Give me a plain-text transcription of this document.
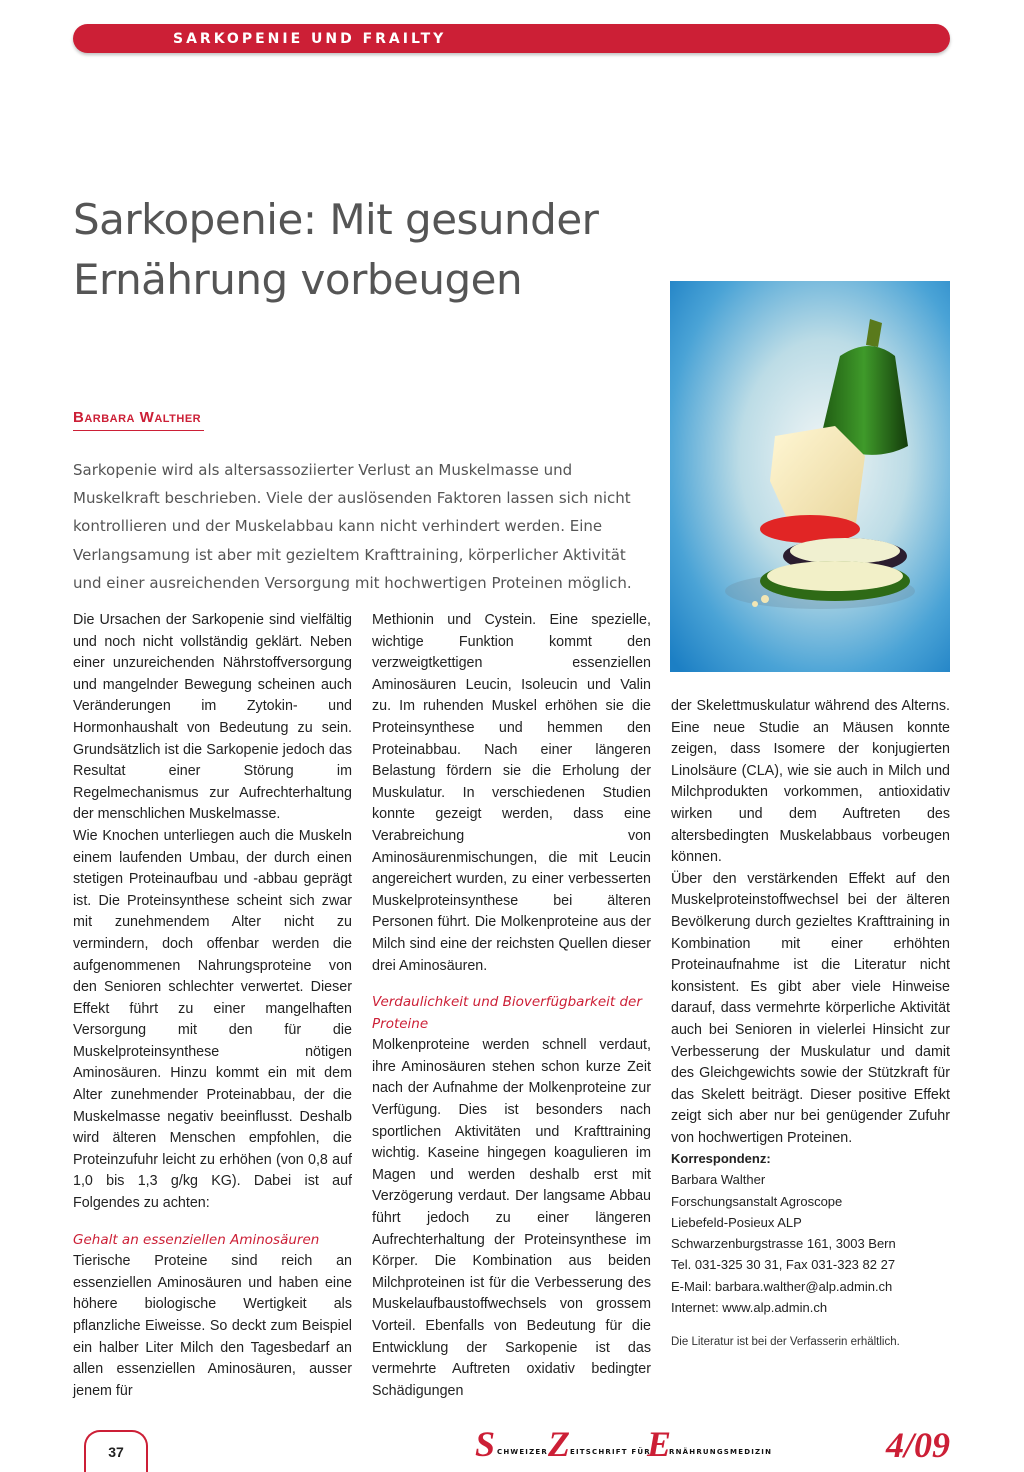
SARKOPENIE UND FRAILTY
Sarkopenie: Mit gesunder
Ernährung vorbeugen
Barbara Walther
Sarkopenie wird als altersassoziierter Verlust an Muskelmasse und Muskelkraft beschrieben. Viele der auslösenden Faktoren lassen sich nicht kontrollieren und der Muskelabbau kann nicht verhindert werden. Eine Verlangsamung ist aber mit gezieltem Krafttraining, körperlicher Aktivität und einer ausreichenden Versorgung mit hochwertigen Proteinen möglich.

Die Ursachen der Sarkopenie sind vielfältig und noch nicht vollständig geklärt. Neben einer unzureichenden Nährstoffversorgung und mangelnder Bewegung scheinen auch Veränderungen im Zytokin- und Hormonhaushalt von Bedeutung zu sein. Grundsätzlich ist die Sarkopenie jedoch das Resultat einer Störung im Regelmechanismus zur Aufrechterhaltung der menschlichen Muskelmasse.

Wie Knochen unterliegen auch die Muskeln einem laufenden Umbau, der durch einen stetigen Proteinaufbau und -abbau geprägt ist. Die Proteinsynthese scheint sich zwar mit zunehmendem Alter nicht zu vermindern, doch offenbar werden die aufgenommenen Nahrungsproteine von den Senioren schlechter verwertet. Dieser Effekt führt zu einer mangelhaften Versorgung mit den für die Muskelproteinsynthese nötigen Aminosäuren. Hinzu kommt ein mit dem Alter zunehmender Proteinabbau, der die Muskelmasse negativ beeinflusst. Deshalb wird älteren Menschen empfohlen, die Proteinzufuhr leicht zu erhöhen (von 0,8 auf 1,0 bis 1,3 g/kg KG). Dabei ist auf Folgendes zu achten:

Gehalt an essenziellen Aminosäuren

Tierische Proteine sind reich an essenziellen Aminosäuren und haben eine höhere biologische Wertigkeit als pflanzliche Eiweisse. So deckt zum Beispiel ein halber Liter Milch den Tagesbedarf an allen essenziellen Aminosäuren, ausser jenem für

Methionin und Cystein. Eine spezielle, wichtige Funktion kommt den verzweigtkettigen essenziellen Aminosäuren Leucin, Isoleucin und Valin zu. Im ruhenden Muskel erhöhen sie die Proteinsynthese und hemmen den Proteinabbau. Nach einer längeren Belastung fördern sie die Erholung der Muskulatur. In verschiedenen Studien konnte gezeigt werden, dass eine Verabreichung von Aminosäurenmischungen, die mit Leucin angereichert wurden, zu einer verbesserten Muskelproteinsynthese bei älteren Personen führt. Die Molkenproteine aus der Milch sind eine der reichsten Quellen dieser drei Aminosäuren.

Verdaulichkeit und Bioverfügbarkeit der Proteine

Molkenproteine werden schnell verdaut, ihre Aminosäuren stehen schon kurze Zeit nach der Aufnahme der Molkenproteine zur Verfügung. Dies ist besonders nach sportlichen Aktivitäten und Krafttraining wichtig. Kaseine hingegen koagulieren im Magen und werden deshalb erst mit Verzögerung verdaut. Der langsame Abbau führt jedoch zu einer längeren Aufrechterhaltung der Proteinsynthese im Körper. Die Kombination aus beiden Milchproteinen ist für die Verbesserung des Muskelaufbaustoffwechsels von grossem Vorteil. Ebenfalls von Bedeutung für die Entwicklung der Sarkopenie ist das vermehrte Auftreten oxidativ bedingter Schädigungen

der Skelettmuskulatur während des Alterns. Eine neue Studie an Mäusen konnte zeigen, dass Isomere der konjugierten Linolsäure (CLA), wie sie auch in Milch und Milchprodukten vorkommen, antioxidativ wirken und dem Auftreten des altersbedingten Muskelabbaus vorbeugen können.

Über den verstärkenden Effekt auf den Muskelproteinstoffwechsel bei der älteren Bevölkerung durch gezieltes Krafttraining in Kombination mit einer erhöhten Proteinaufnahme ist die Literatur nicht konsistent. Es gibt aber viele Hinweise darauf, dass vermehrte körperliche Aktivität auch bei Senioren in vielerlei Hinsicht zur Verbesserung der Muskulatur und damit des Gleichgewichts sowie der Stützkraft für das Skelett beiträgt. Dieser positive Effekt zeigt sich aber nur bei genügender Zufuhr von hochwertigen Proteinen.

Korrespondenz:
Barbara Walther
Forschungsanstalt Agroscope
Liebefeld-Posieux ALP
Schwarzenburgstrasse 161, 3003 Bern
Tel. 031-325 30 31, Fax 031-323 82 27
E-Mail: barbara.walther@alp.admin.ch
Internet: www.alp.admin.ch
Die Literatur ist bei der Verfasserin erhältlich.
37	S CHWEIZER Z EITSCHRIFT FÜR
E
RNÄHRUNGSMEDIZIN	4/09
